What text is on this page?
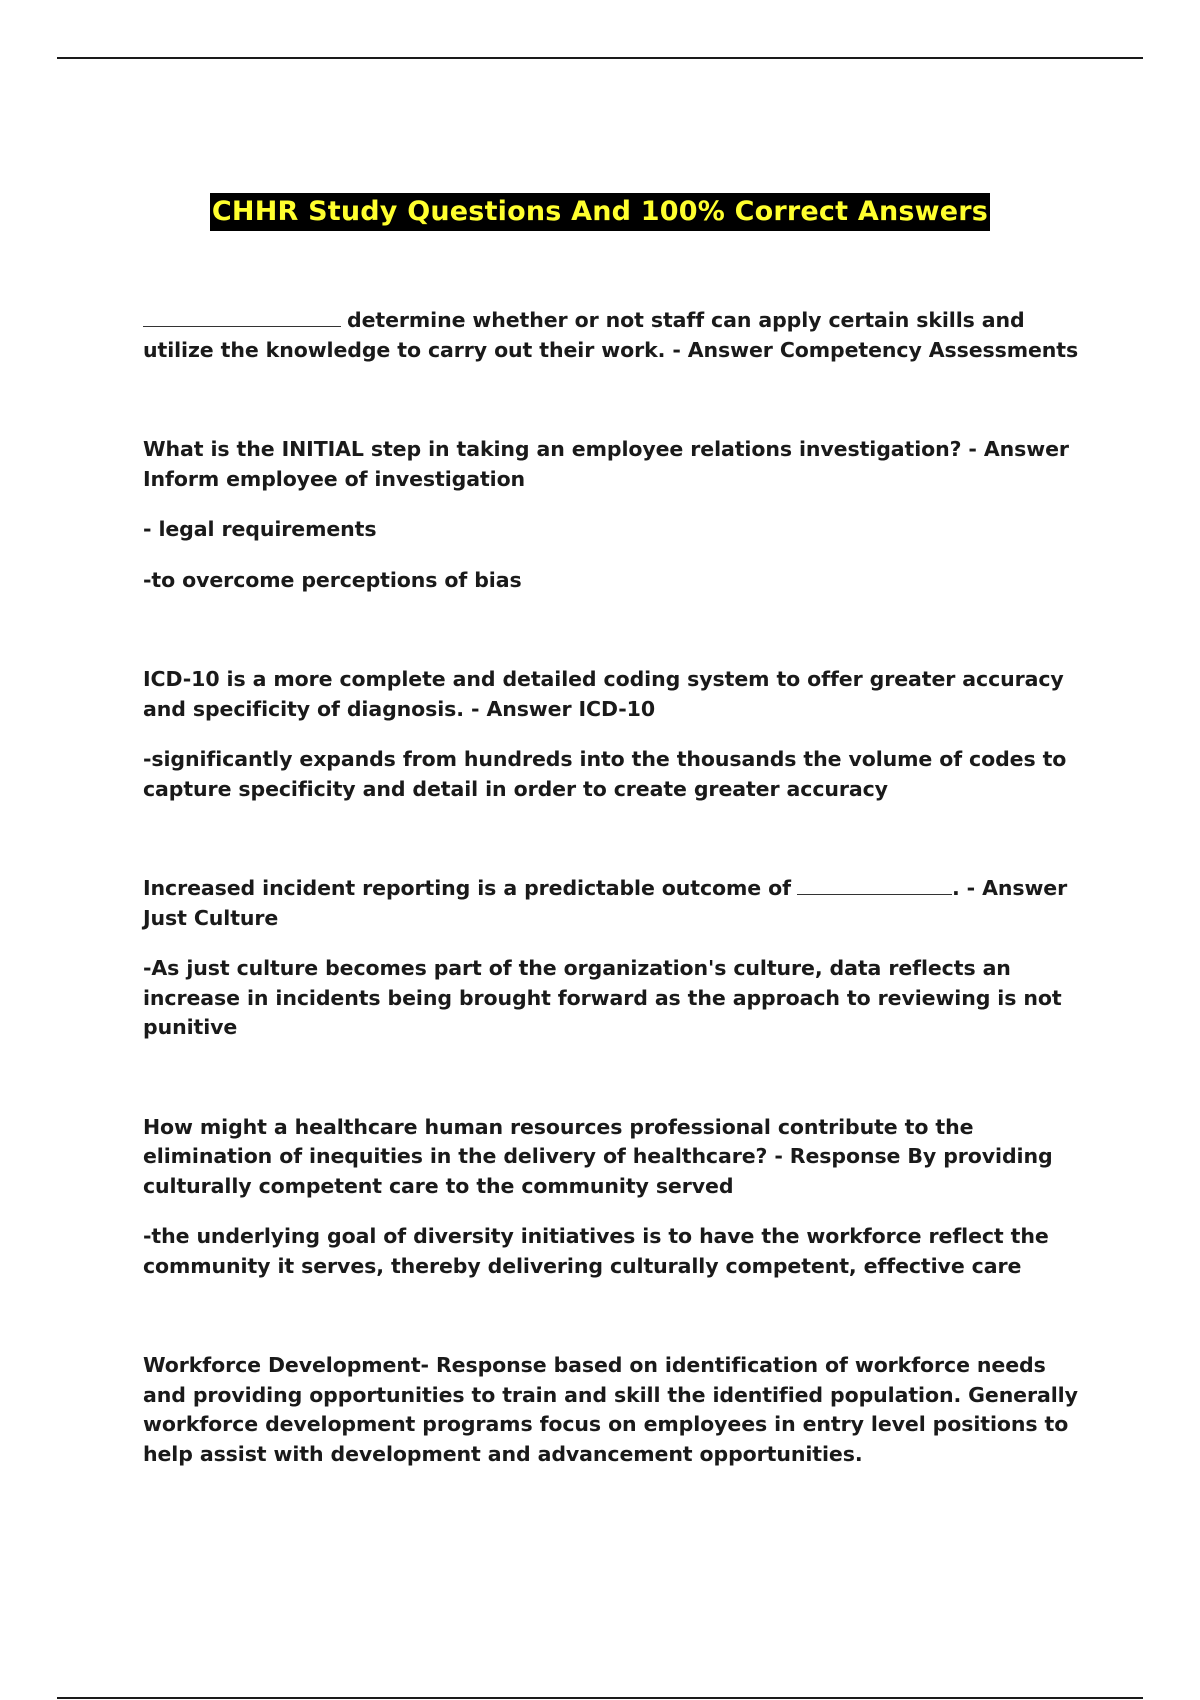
CHHR Study Questions And 100% Correct Answers

determine whether or not staff can apply certain skills and utilize the knowledge to carry out their work. - Answer Competency Assessments

What is the INITIAL step in taking an employee relations investigation? - Answer Inform employee of investigation

- legal requirements

-to overcome perceptions of bias

ICD-10 is a more complete and detailed coding system to offer greater accuracy and specificity of diagnosis. - Answer ICD-10

-significantly expands from hundreds into the thousands the volume of codes to capture specificity and detail in order to create greater accuracy

Increased incident reporting is a predictable outcome of	. - Answer Just Culture

-As just culture becomes part of the organization's culture, data reflects an increase in incidents being brought forward as the approach to reviewing is not punitive

How might a healthcare human resources professional contribute to the elimination of inequities in the delivery of healthcare? - Response By providing culturally competent care to the community served

-the underlying goal of diversity initiatives is to have the workforce reflect the community it serves, thereby delivering culturally competent, effective care

Workforce Development- Response based on identification of workforce needs and providing opportunities to train and skill the identified population. Generally workforce development programs focus on employees in entry level positions to help assist with development and advancement opportunities.
